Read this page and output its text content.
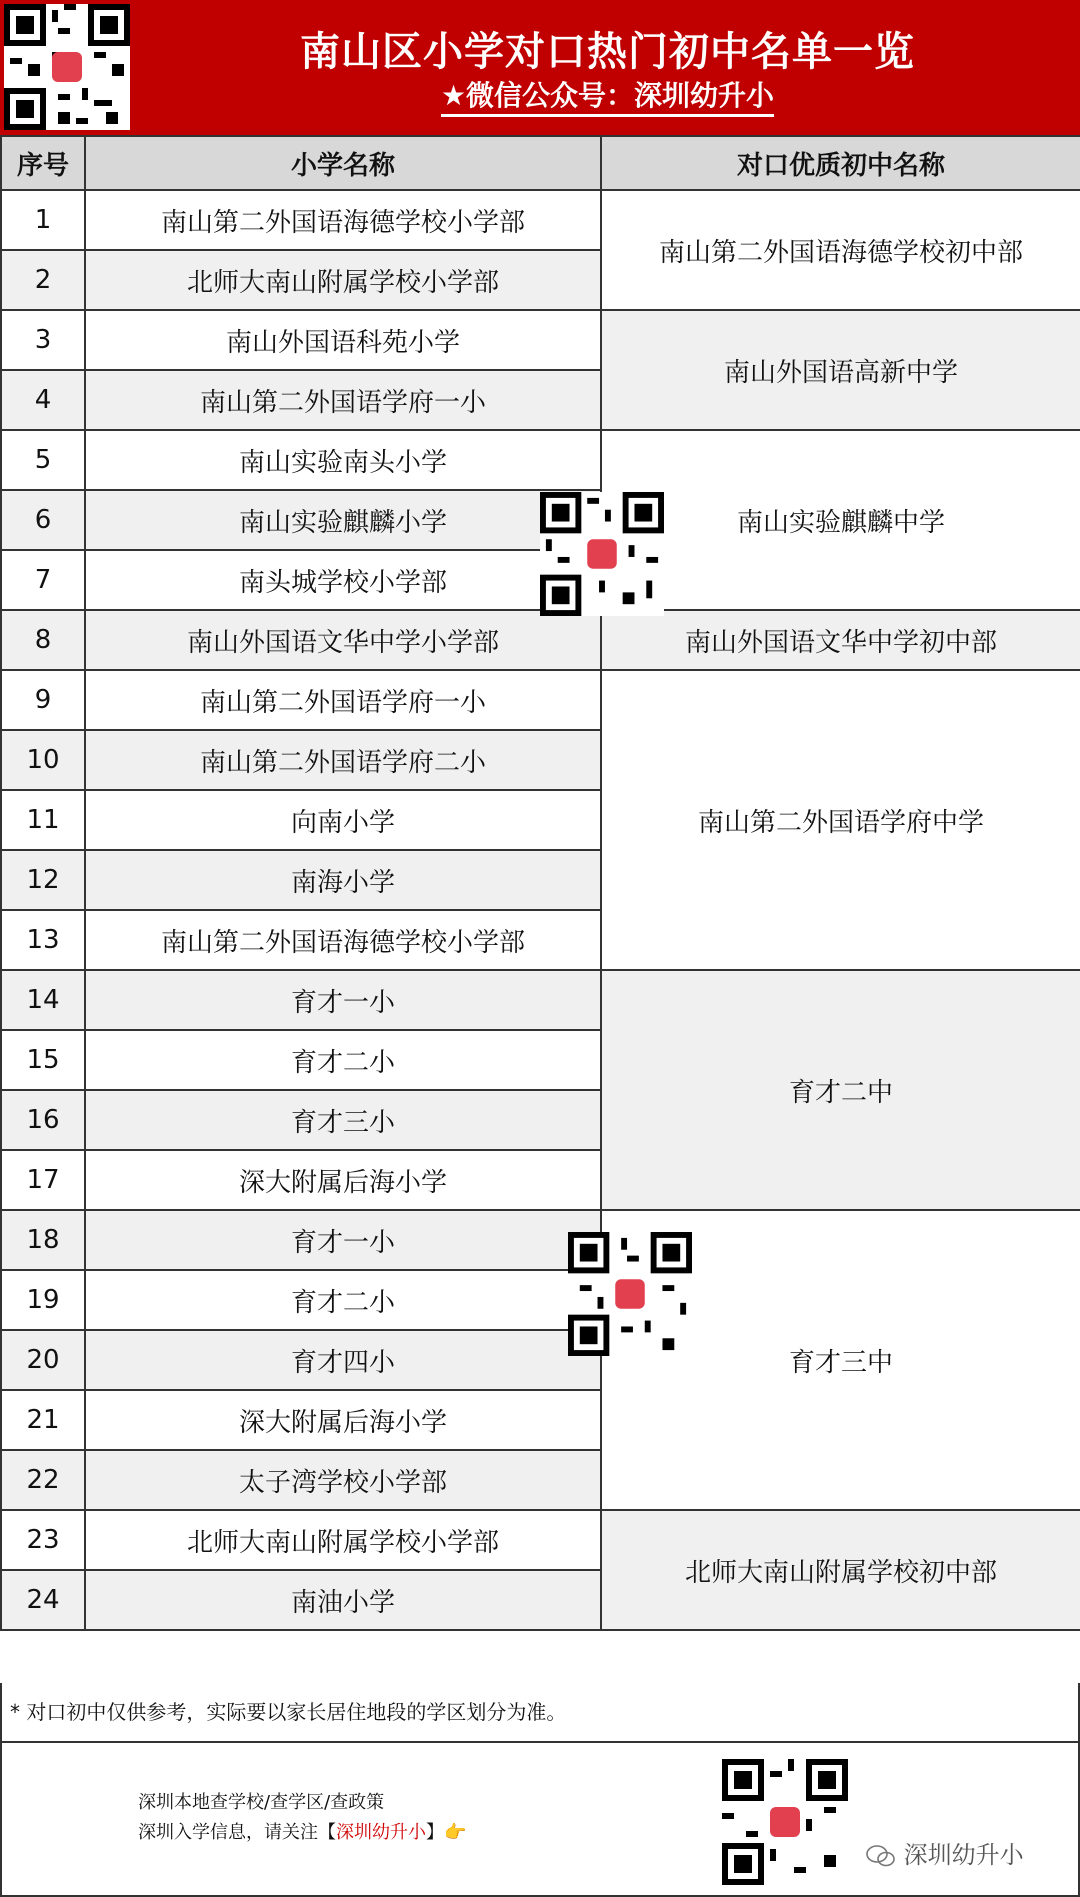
南山区小学对口热门初中名单一览
★微信公众号：深圳幼升小
序号	小学名称	对口优质初中名称
1	南山第二外国语海德学校小学部	南山第二外国语海德学校初中部
2	北师大南山附属学校小学部	
3	南山外国语科苑小学	南山外国语高新中学
4	南山第二外国语学府一小	
5	南山实验南头小学	南山实验麒麟中学
6	南山实验麒麟小学	
7	南头城学校小学部	
8	南山外国语文华中学小学部	南山外国语文华中学初中部
9	南山第二外国语学府一小	南山第二外国语学府中学
10	南山第二外国语学府二小	
11	向南小学	
12	南海小学	
13	南山第二外国语海德学校小学部	
14	育才一小	育才二中
15	育才二小	
16	育才三小	
17	深大附属后海小学	
18	育才一小	育才三中
19	育才二小	
20	育才四小	
21	深大附属后海小学	
22	太子湾学校小学部	
23	北师大南山附属学校小学部	北师大南山附属学校初中部
24	南油小学	
* 对口初中仅供参考，实际要以家长居住地段的学区划分为准。
深圳本地查学校/查学区/查政策
深圳入学信息，请关注【深圳幼升小】👉
深圳幼升小
